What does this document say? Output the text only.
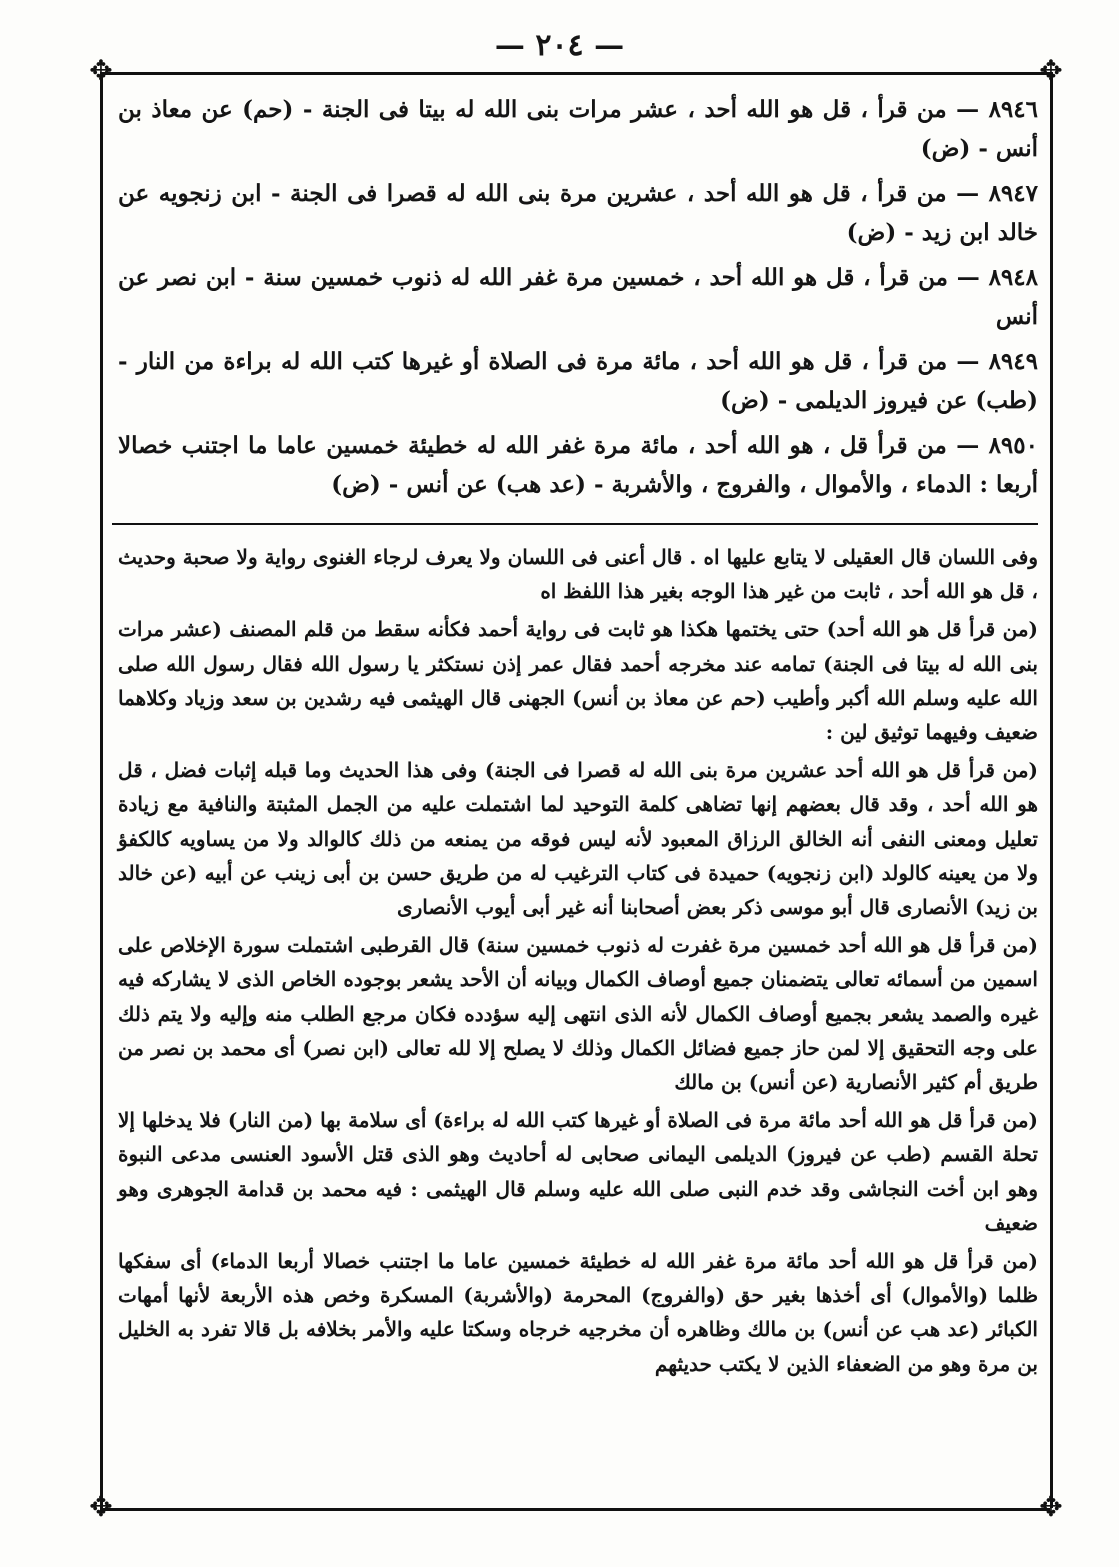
— ٢٠٤ —
✥	✥
✥	✥

٨٩٤٦ — من قرأ ، قل هو الله أحد ، عشر مرات بنى الله له بيتا فى الجنة - (حم) عن معاذ بن أنس - (ض)

٨٩٤٧ — من قرأ ، قل هو الله أحد ، عشرين مرة بنى الله له قصرا فى الجنة - ابن زنجويه عن خالد ابن زيد - (ض)

٨٩٤٨ — من قرأ ، قل هو الله أحد ، خمسين مرة غفر الله له ذنوب خمسين سنة - ابن نصر عن أنس

٨٩٤٩ — من قرأ ، قل هو الله أحد ، مائة مرة فى الصلاة أو غيرها كتب الله له براءة من النار - (طب) عن فيروز الديلمى - (ض)

٨٩٥٠ — من قرأ قل ، هو الله أحد ، مائة مرة غفر الله له خطيئة خمسين عاما ما اجتنب خصالا أربعا : الدماء ، والأموال ، والفروج ، والأشربة - (عد هب) عن أنس - (ض)

وفى اللسان قال العقيلى لا يتابع عليها اه . قال أعنى فى اللسان ولا يعرف لرجاء الغنوى رواية ولا صحبة وحديث ، قل هو الله أحد ، ثابت من غير هذا الوجه بغير هذا اللفظ اه

(من قرأ قل هو الله أحد) حتى يختمها هكذا هو ثابت فى رواية أحمد فكأنه سقط من قلم المصنف (عشر مرات بنى الله له بيتا فى الجنة) تمامه عند مخرجه أحمد فقال عمر إذن نستكثر يا رسول الله فقال رسول الله صلى الله عليه وسلم الله أكبر وأطيب (حم عن معاذ بن أنس) الجهنى قال الهيثمى فيه رشدين بن سعد وزياد وكلاهما ضعيف وفيهما توثيق لين :

(من قرأ قل هو الله أحد عشرين مرة بنى الله له قصرا فى الجنة) وفى هذا الحديث وما قبله إثبات فضل ، قل هو الله أحد ، وقد قال بعضهم إنها تضاهى كلمة التوحيد لما اشتملت عليه من الجمل المثبتة والنافية مع زيادة تعليل ومعنى النفى أنه الخالق الرزاق المعبود لأنه ليس فوقه من يمنعه من ذلك كالوالد ولا من يساويه كالكفؤ ولا من يعينه كالولد (ابن زنجويه) حميدة فى كتاب الترغيب له من طريق حسن بن أبى زينب عن أبيه (عن خالد بن زيد) الأنصارى قال أبو موسى ذكر بعض أصحابنا أنه غير أبى أيوب الأنصارى

(من قرأ قل هو الله أحد خمسين مرة غفرت له ذنوب خمسين سنة) قال القرطبى اشتملت سورة الإخلاص على اسمين من أسمائه تعالى يتضمنان جميع أوصاف الكمال وبيانه أن الأحد يشعر بوجوده الخاص الذى لا يشاركه فيه غيره والصمد يشعر بجميع أوصاف الكمال لأنه الذى انتهى إليه سؤدده فكان مرجع الطلب منه وإليه ولا يتم ذلك على وجه التحقيق إلا لمن حاز جميع فضائل الكمال وذلك لا يصلح إلا لله تعالى (ابن نصر) أى محمد بن نصر من طريق أم كثير الأنصارية (عن أنس) بن مالك

(من قرأ قل هو الله أحد مائة مرة فى الصلاة أو غيرها كتب الله له براءة) أى سلامة بها (من النار) فلا يدخلها إلا تحلة القسم (طب عن فيروز) الديلمى اليمانى صحابى له أحاديث وهو الذى قتل الأسود العنسى مدعى النبوة وهو ابن أخت النجاشى وقد خدم النبى صلى الله عليه وسلم قال الهيثمى : فيه محمد بن قدامة الجوهرى وهو ضعيف

(من قرأ قل هو الله أحد مائة مرة غفر الله له خطيئة خمسين عاما ما اجتنب خصالا أربعا الدماء) أى سفكها ظلما (والأموال) أى أخذها بغير حق (والفروج) المحرمة (والأشربة) المسكرة وخص هذه الأربعة لأنها أمهات الكبائر (عد هب عن أنس) بن مالك وظاهره أن مخرجيه خرجاه وسكتا عليه والأمر بخلافه بل قالا تفرد به الخليل بن مرة وهو من الضعفاء الذين لا يكتب حديثهم
